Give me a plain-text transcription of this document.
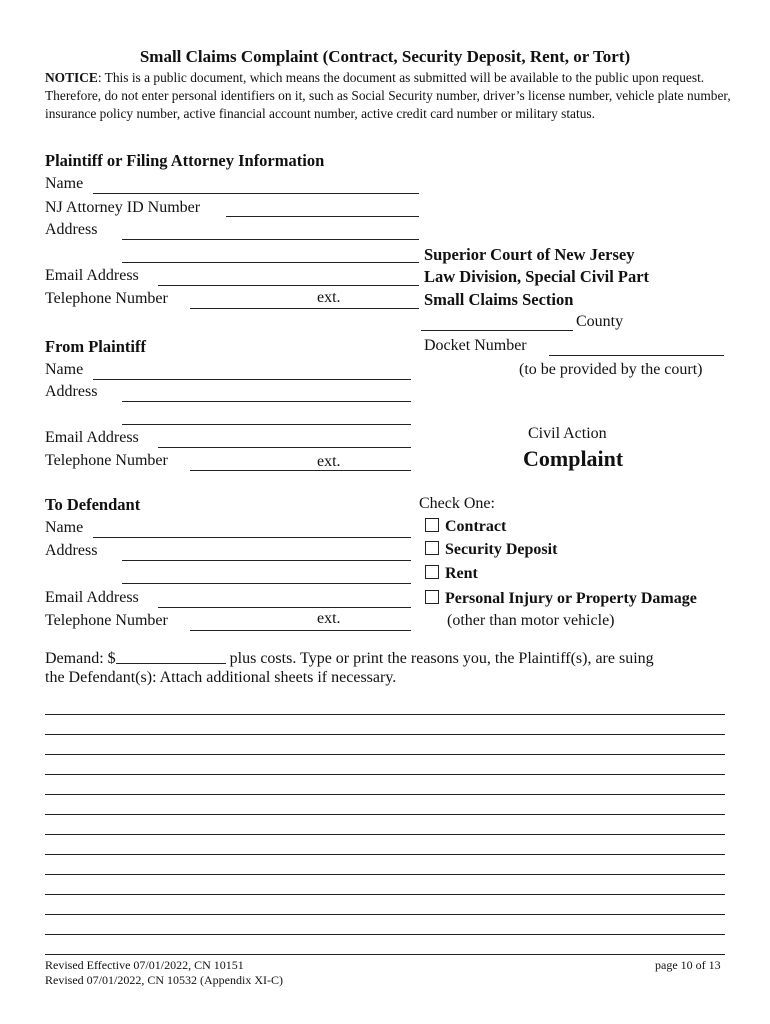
Small Claims Complaint (Contract, Security Deposit, Rent, or Tort)
NOTICE: This is a public document, which means the document as submitted will be available to the public upon request. Therefore, do not enter personal identifiers on it, such as Social Security number, driver’s license number, vehicle plate number, insurance policy number, active financial account number, active credit card number or military status.
Plaintiff or Filing Attorney Information
Name
NJ Attorney ID Number
Address
Email Address
Telephone Number	ext.
Superior Court of New Jersey
Law Division, Special Civil Part
Small Claims Section
County
Docket Number
(to be provided by the court)
Civil Action
Complaint
From Plaintiff
Name
Address
Email Address
Telephone Number	ext.
To Defendant
Name
Address
Email Address
Telephone Number	ext.
Check One:
Contract
Security Deposit
Rent
Personal Injury or Property Damage
(other than motor vehicle)
Demand: $	plus costs. Type or print the reasons you, the Plaintiff(s), are suing
the Defendant(s): Attach additional sheets if necessary.
Revised Effective 07/01/2022, CN 10151
Revised 07/01/2022, CN 10532 (Appendix XI-C)
page 10 of 13
